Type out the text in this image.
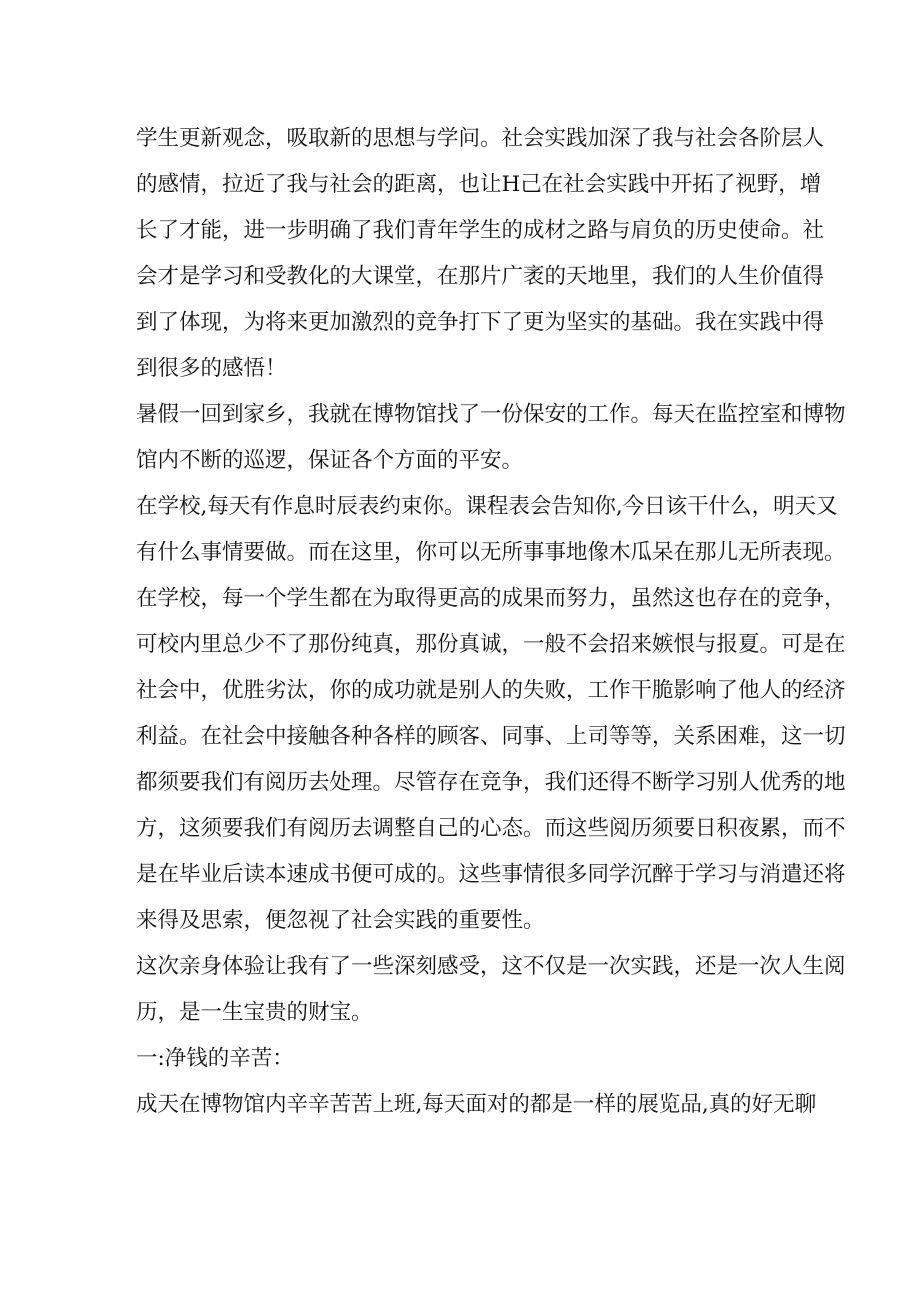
学生更新观念，吸取新的思想与学问。社会实践加深了我与社会各阶层人
的感情，拉近了我与社会的距离，也让H己在社会实践中开拓了视野，增
长了才能，进一步明确了我们青年学生的成材之路与肩负的历史使命。社
会才是学习和受教化的大课堂，在那片广袤的天地里，我们的人生价值得
到了体现，为将来更加激烈的竞争打下了更为坚实的基础。我在实践中得
到很多的感悟！
暑假一回到家乡，我就在博物馆找了一份保安的工作。每天在监控室和博物
馆内不断的巡逻，保证各个方面的平安。
在学校,每天有作息时辰表约束你。课程表会告知你,今日该干什么，明天又
有什么事情要做。而在这里，你可以无所事事地像木瓜呆在那儿无所表现。
在学校，每一个学生都在为取得更高的成果而努力，虽然这也存在的竞争，
可校内里总少不了那份纯真，那份真诚，一般不会招来嫉恨与报夏。可是在
社会中，优胜劣汰，你的成功就是别人的失败，工作干脆影响了他人的经济
利益。在社会中接触各种各样的顾客、同事、上司等等，关系困难，这一切
都须要我们有阅历去处理。尽管存在竞争，我们还得不断学习别人优秀的地
方，这须要我们有阅历去调整自己的心态。而这些阅历须要日积夜累，而不
是在毕业后读本速成书便可成的。这些事情很多同学沉醉于学习与消遣还将
来得及思索，便忽视了社会实践的重要性。
这次亲身体验让我有了一些深刻感受，这不仅是一次实践，还是一次人生阅
历，是一生宝贵的财宝。
一:净钱的辛苦：
成天在博物馆内辛辛苦苦上班,每天面对的都是一样的展览品,真的好无聊
